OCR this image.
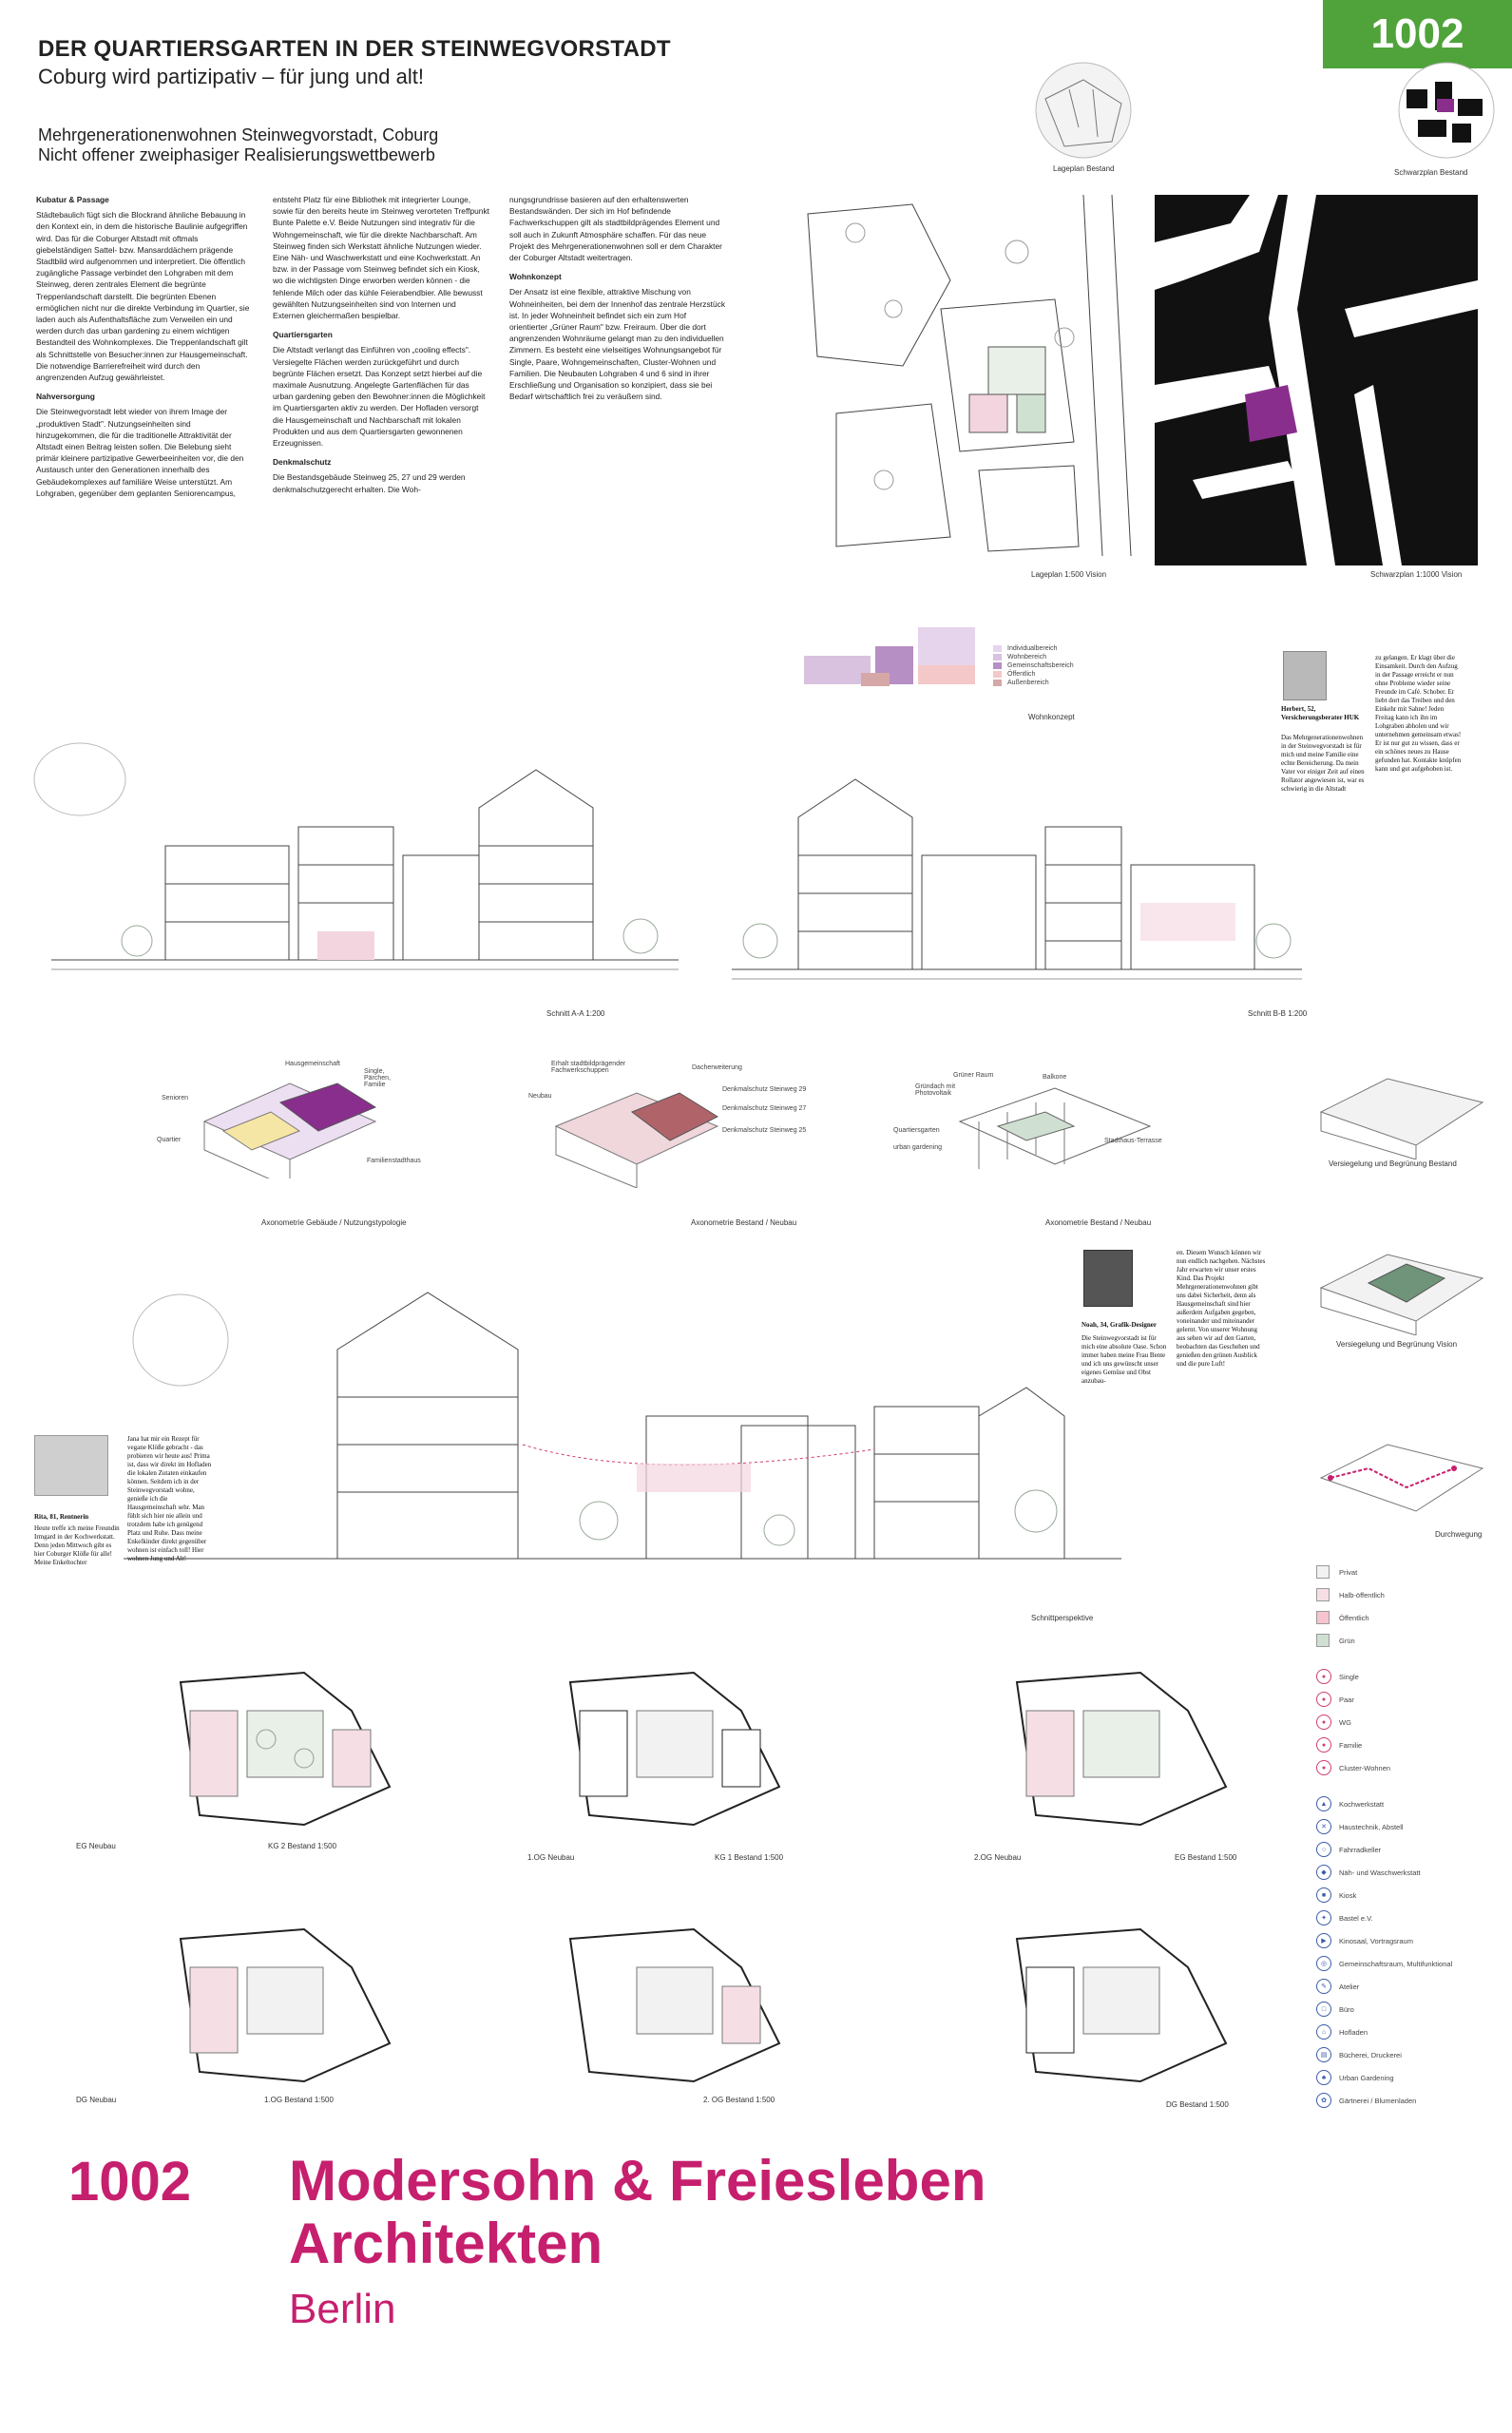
DER QUARTIERSGARTEN IN DER STEINWEGVORSTADT
Coburg wird partizipativ – für jung und alt!
Mehrgenerationenwohnen Steinwegvorstadt, Coburg
Nicht offener zweiphasiger Realisierungswettbewerb
1002
Lageplan Bestand	Schwarzplan Bestand

Kubatur & Passage

Städtebaulich fügt sich die Blockrand ähnliche Bebauung in den Kontext ein, in dem die historische Baulinie aufgegriffen wird. Das für die Coburger Altstadt mit oftmals giebelständigen Sattel- bzw. Mansarddächern prägende Stadtbild wird aufgenommen und interpretiert. Die öffentlich zugängliche Passage verbindet den Lohgraben mit dem Steinweg, deren zentrales Element die begrünte Treppenlandschaft darstellt. Die begrünten Ebenen ermöglichen nicht nur die direkte Verbindung im Quartier, sie laden auch als Aufenthaltsfläche zum Verweilen ein und werden durch das urban gardening zu einem wichtigen Bestandteil des Wohnkomplexes. Die Treppenlandschaft gilt als Schnittstelle von Besucher:innen zur Hausgemeinschaft. Die notwendige Barrierefreiheit wird durch den angrenzenden Aufzug gewährleistet.

Nahversorgung

Die Steinwegvorstadt lebt wieder von ihrem Image der „produktiven Stadt". Nutzungseinheiten sind hinzugekommen, die für die traditionelle Attraktivität der Altstadt einen Beitrag leisten sollen. Die Belebung sieht primär kleinere partizipative Gewerbeeinheiten vor, die den Austausch unter den Generationen innerhalb des Gebäudekomplexes auf familiäre Weise unterstützt. Am Lohgraben, gegenüber dem geplanten Seniorencampus,

entsteht Platz für eine Bibliothek mit integrierter Lounge, sowie für den bereits heute im Steinweg verorteten Treffpunkt Bunte Palette e.V. Beide Nutzungen sind integrativ für die Wohngemeinschaft, wie für die direkte Nachbarschaft. Am Steinweg finden sich Werkstatt ähnliche Nutzungen wieder. Eine Näh- und Waschwerkstatt und eine Kochwerkstatt. An bzw. in der Passage vom Steinweg befindet sich ein Kiosk, wo die wichtigsten Dinge erworben werden können - die fehlende Milch oder das kühle Feierabendbier. Alle bewusst gewählten Nutzungseinheiten sind von Internen und Externen gleichermaßen bespielbar.

Quartiersgarten

Die Altstadt verlangt das Einführen von „cooling effects". Versiegelte Flächen werden zurückgeführt und durch begrünte Flächen ersetzt. Das Konzept setzt hierbei auf die maximale Ausnutzung. Angelegte Gartenflächen für das urban gardening geben den Bewohner:innen die Möglichkeit im Quartiersgarten aktiv zu werden. Der Hofladen versorgt die Hausgemeinschaft und Nachbarschaft mit lokalen Produkten und aus dem Quartiersgarten gewonnenen Erzeugnissen.

Denkmalschutz

Die Bestandsgebäude Steinweg 25, 27 und 29 werden denkmalschutzgerecht erhalten. Die Woh-

nungsgrundrisse basieren auf den erhaltenswerten Bestandswänden. Der sich im Hof befindende Fachwerkschuppen gilt als stadtbildprägendes Element und soll auch in Zukunft Atmosphäre schaffen. Für das neue Projekt des Mehrgenerationenwohnen soll er dem Charakter der Coburger Altstadt weitertragen.

Wohnkonzept

Der Ansatz ist eine flexible, attraktive Mischung von Wohneinheiten, bei dem der Innenhof das zentrale Herzstück ist. In jeder Wohneinheit befindet sich ein zum Hof orientierter „Grüner Raum" bzw. Freiraum. Über die dort angrenzenden Wohnräume gelangt man zu den individuellen Zimmern. Es besteht eine vielseitiges Wohnungsangebot für Single, Paare, Wohngemeinschaften, Cluster-Wohnen und Familien. Die Neubauten Lohgraben 4 und 6 sind in ihrer Erschließung und Organisation so konzipiert, dass sie bei Bedarf wirtschaftlich frei zu veräußern sind.

Lageplan 1:500 Vision	Schwarzplan 1:1000 Vision
Individualbereich
Wohnbereich
Gemeinschaftsbereich
Öffentlich
Außenbereich
Wohnkonzept
Herbert, 52, Versicherungsberater HUK
Das Mehrgenerationenwohnen in der Steinwegvorstadt ist für mich und meine Familie eine echte Bereicherung. Da mein Vater vor einiger Zeit auf einen Rollator angewiesen ist, war es schwierig in die Altstadt
zu gelangen. Er klagt über die Einsamkeit. Durch den Aufzug in der Passage erreicht er nun ohne Probleme wieder seine Freunde im Café. Schober. Er liebt dort das Treiben und den Einkehr mit Sahne! Jeden Freitag kann ich ihn im Lohgraben abholen und wir unternehmen gemeinsam etwas! Er ist nur gut zu wissen, dass er ein schönes neues zu Hause gefunden hat. Kontakte knüpfen kann und gut aufgehoben ist.
Schnitt A-A 1:200	Schnitt B-B 1:200
Hausgemeinschaft
Senioren
Single, Pärchen, Familie
Quartier
Familienstadthaus
Axonometrie Gebäude / Nutzungstypologie
Erhalt stadtbildprägender Fachwerkschuppen	Dacherweiterung
Neubau
Denkmalschutz Steinweg 29
Denkmalschutz Steinweg 27
Denkmalschutz Steinweg 25
Axonometrie Bestand / Neubau
Grüner Raum	Balkone
Gründach mit Photovoltaik
Quartiersgarten
urban gardening
Stadthaus-Terrasse
Axonometrie Bestand / Neubau
Versiegelung und Begrünung Bestand
Versiegelung und Begrünung Vision
Noah, 34, Grafik-Designer
Die Steinwegvorstadt ist für mich eine absolute Oase. Schon immer haben meine Frau Bente und ich uns gewünscht unser eigenes Gemüse und Obst anzubau-
en. Diesem Wunsch können wir nun endlich nachgehen. Nächstes Jahr erwarten wir unser erstes Kind. Das Projekt Mehrgenerationenwohnen gibt uns dabei Sicherheit, denn als Hausgemeinschaft sind hier außerdem Aufgaben gegeben, voneinander und miteinander gelernt. Von unserer Wohnung aus sehen wir auf den Garten, beobachten das Geschehen und genießen den grünen Ausblick und die pure Luft!
Schnittperspektive
Rita, 81, Rentnerin
Heute treffe ich meine Freundin Irmgard in der Kochwerkstatt. Denn jeden Mittwoch gibt es hier Coburger Klöße für alle! Meine Enkeltochter
Jana hat mir ein Rezept für vegane Klöße gebracht - das probieren wir heute aus! Prima ist, dass wir direkt im Hofladen die lokalen Zutaten einkaufen können. Seitdem ich in der Steinwegvorstadt wohne, genieße ich die Hausgemeinschaft sehr. Man fühlt sich hier nie allein und trotzdem habe ich genügend Platz und Ruhe. Dass meine Enkelkinder direkt gegenüber wohnen ist einfach toll! Hier wohnen Jung und Alt!
Durchwegung
Privat
Halb-öffentlich
Öffentlich
Grün
●	Single
●	Paar
●	WG
●	Familie
●	Cluster-Wohnen
▲	Kochwerkstatt
✕	Haustechnik, Abstell
○	Fahrradkeller
◆	Näh- und Waschwerkstatt
■	Kiosk
✦	Bastel e.V.
▶	Kinosaal, Vortragsraum
◎	Gemeinschaftsraum, Multifunktional
✎	Atelier
□	Büro
⌂	Hofladen
▤	Bücherei, Druckerei
♣	Urban Gardening
✿	Gärtnerei / Blumenladen
EG Neubau	KG 2 Bestand 1:500
1.OG Neubau	KG 1 Bestand 1:500	2.OG Neubau	EG Bestand 1:500
DG Neubau	1.OG Bestand 1:500	2. OG Bestand 1:500
DG Bestand 1:500
1002 Modersohn & Freiesleben
Architekten
Berlin
